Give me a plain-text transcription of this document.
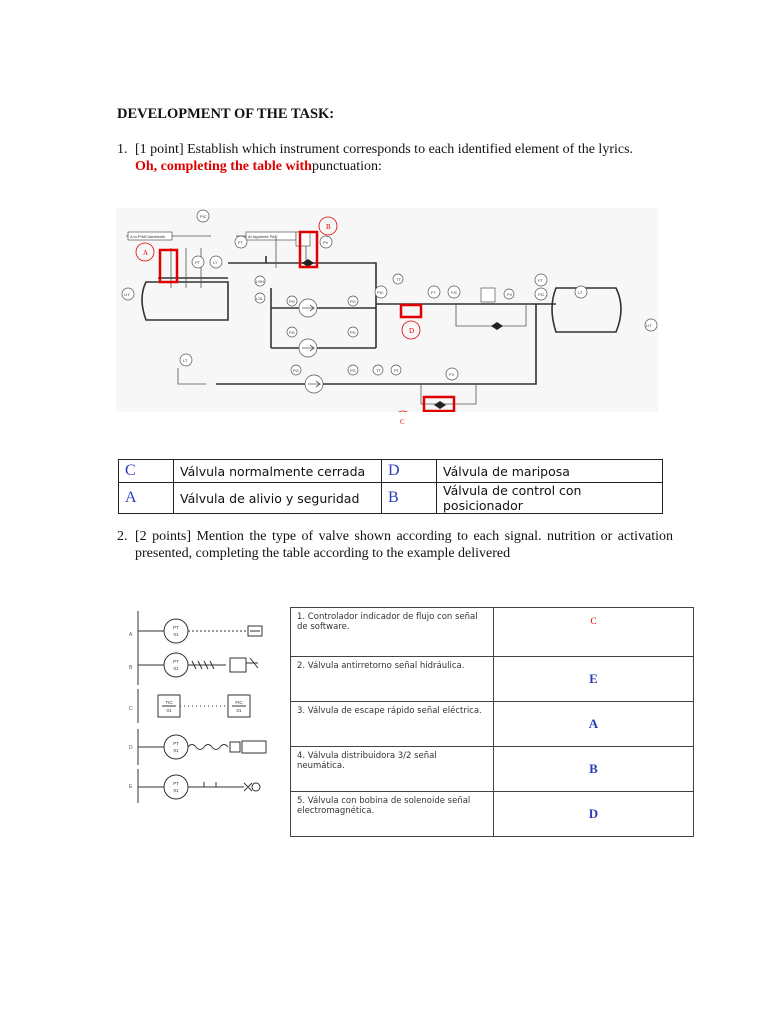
DEVELOPMENT OF THE TASK:
1. [1 point] Establish which instrument corresponds to each identified element of the lyrics.
Oh, completing the table withpunctuation:
A la PIMC/ambiente	Al siguiente PAE
PIC
FT
PT	LT
PV
PG	PG
PG	PG
LSH
LSL
LIT	LT
LIT
PIC
TT
FT	FIC
FT
FIC
FV
LT
PG	PG	TT	PT
FV
A
B
D
C
C	Válvula normalmente cerrada	D	Válvula de mariposa
A	Válvula de alivio y seguridad	B	Válvula de control con posicionador
2. [2 points] Mention the type of valve shown according to each signal. nutrition or activation presented, completing the table according to the example delivered
A
B
C
D
E
PT
01
PT
01
TIC
01
FIC
01
PT
01
PT
01
1. Controlador indicador de flujo con señal de software.	C
2. Válvula antirretorno señal hidráulica.	E
3. Válvula de escape rápido señal eléctrica.	A
4. Válvula distribuidora 3/2 señal neumática.	B
5. Válvula con bobina de solenoide señal electromagnética.	D
